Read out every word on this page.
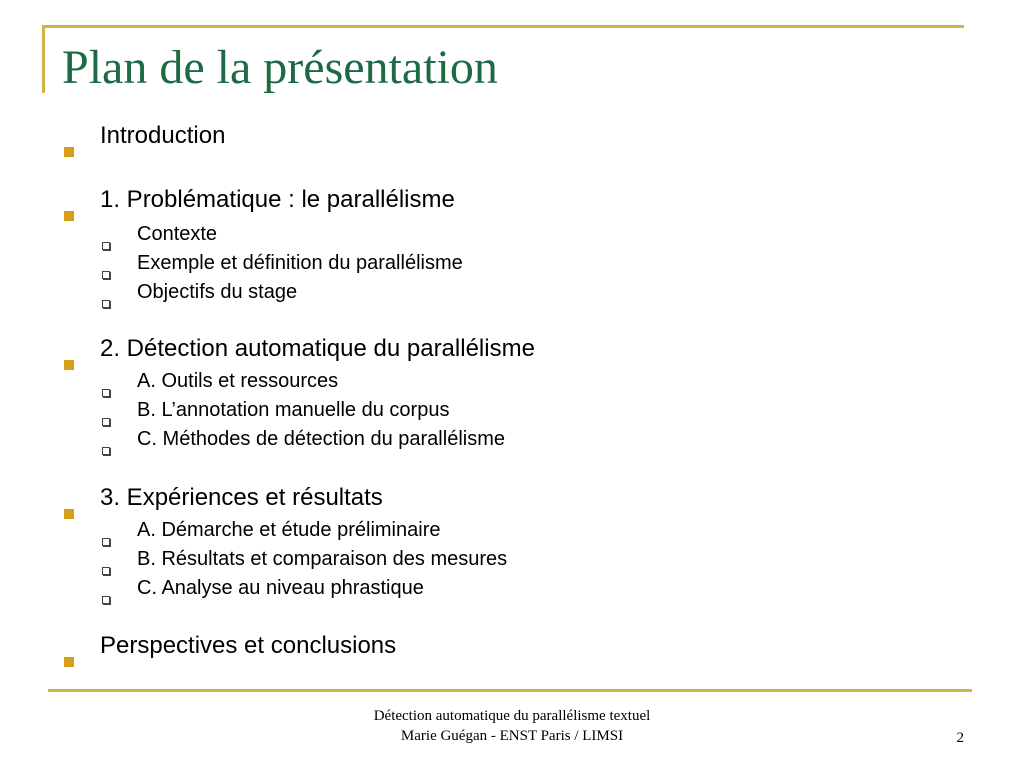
Plan de la présentation
Introduction
1. Problématique : le parallélisme
Contexte
Exemple et définition du parallélisme
Objectifs du stage
2. Détection automatique du parallélisme
A. Outils et ressources
B. L’annotation manuelle du corpus
C. Méthodes de détection du parallélisme
3. Expériences et résultats
A. Démarche et étude préliminaire
B. Résultats et comparaison des mesures
C. Analyse au niveau phrastique
Perspectives et conclusions
Détection automatique du parallélisme textuel
Marie Guégan - ENST Paris / LIMSI	2
